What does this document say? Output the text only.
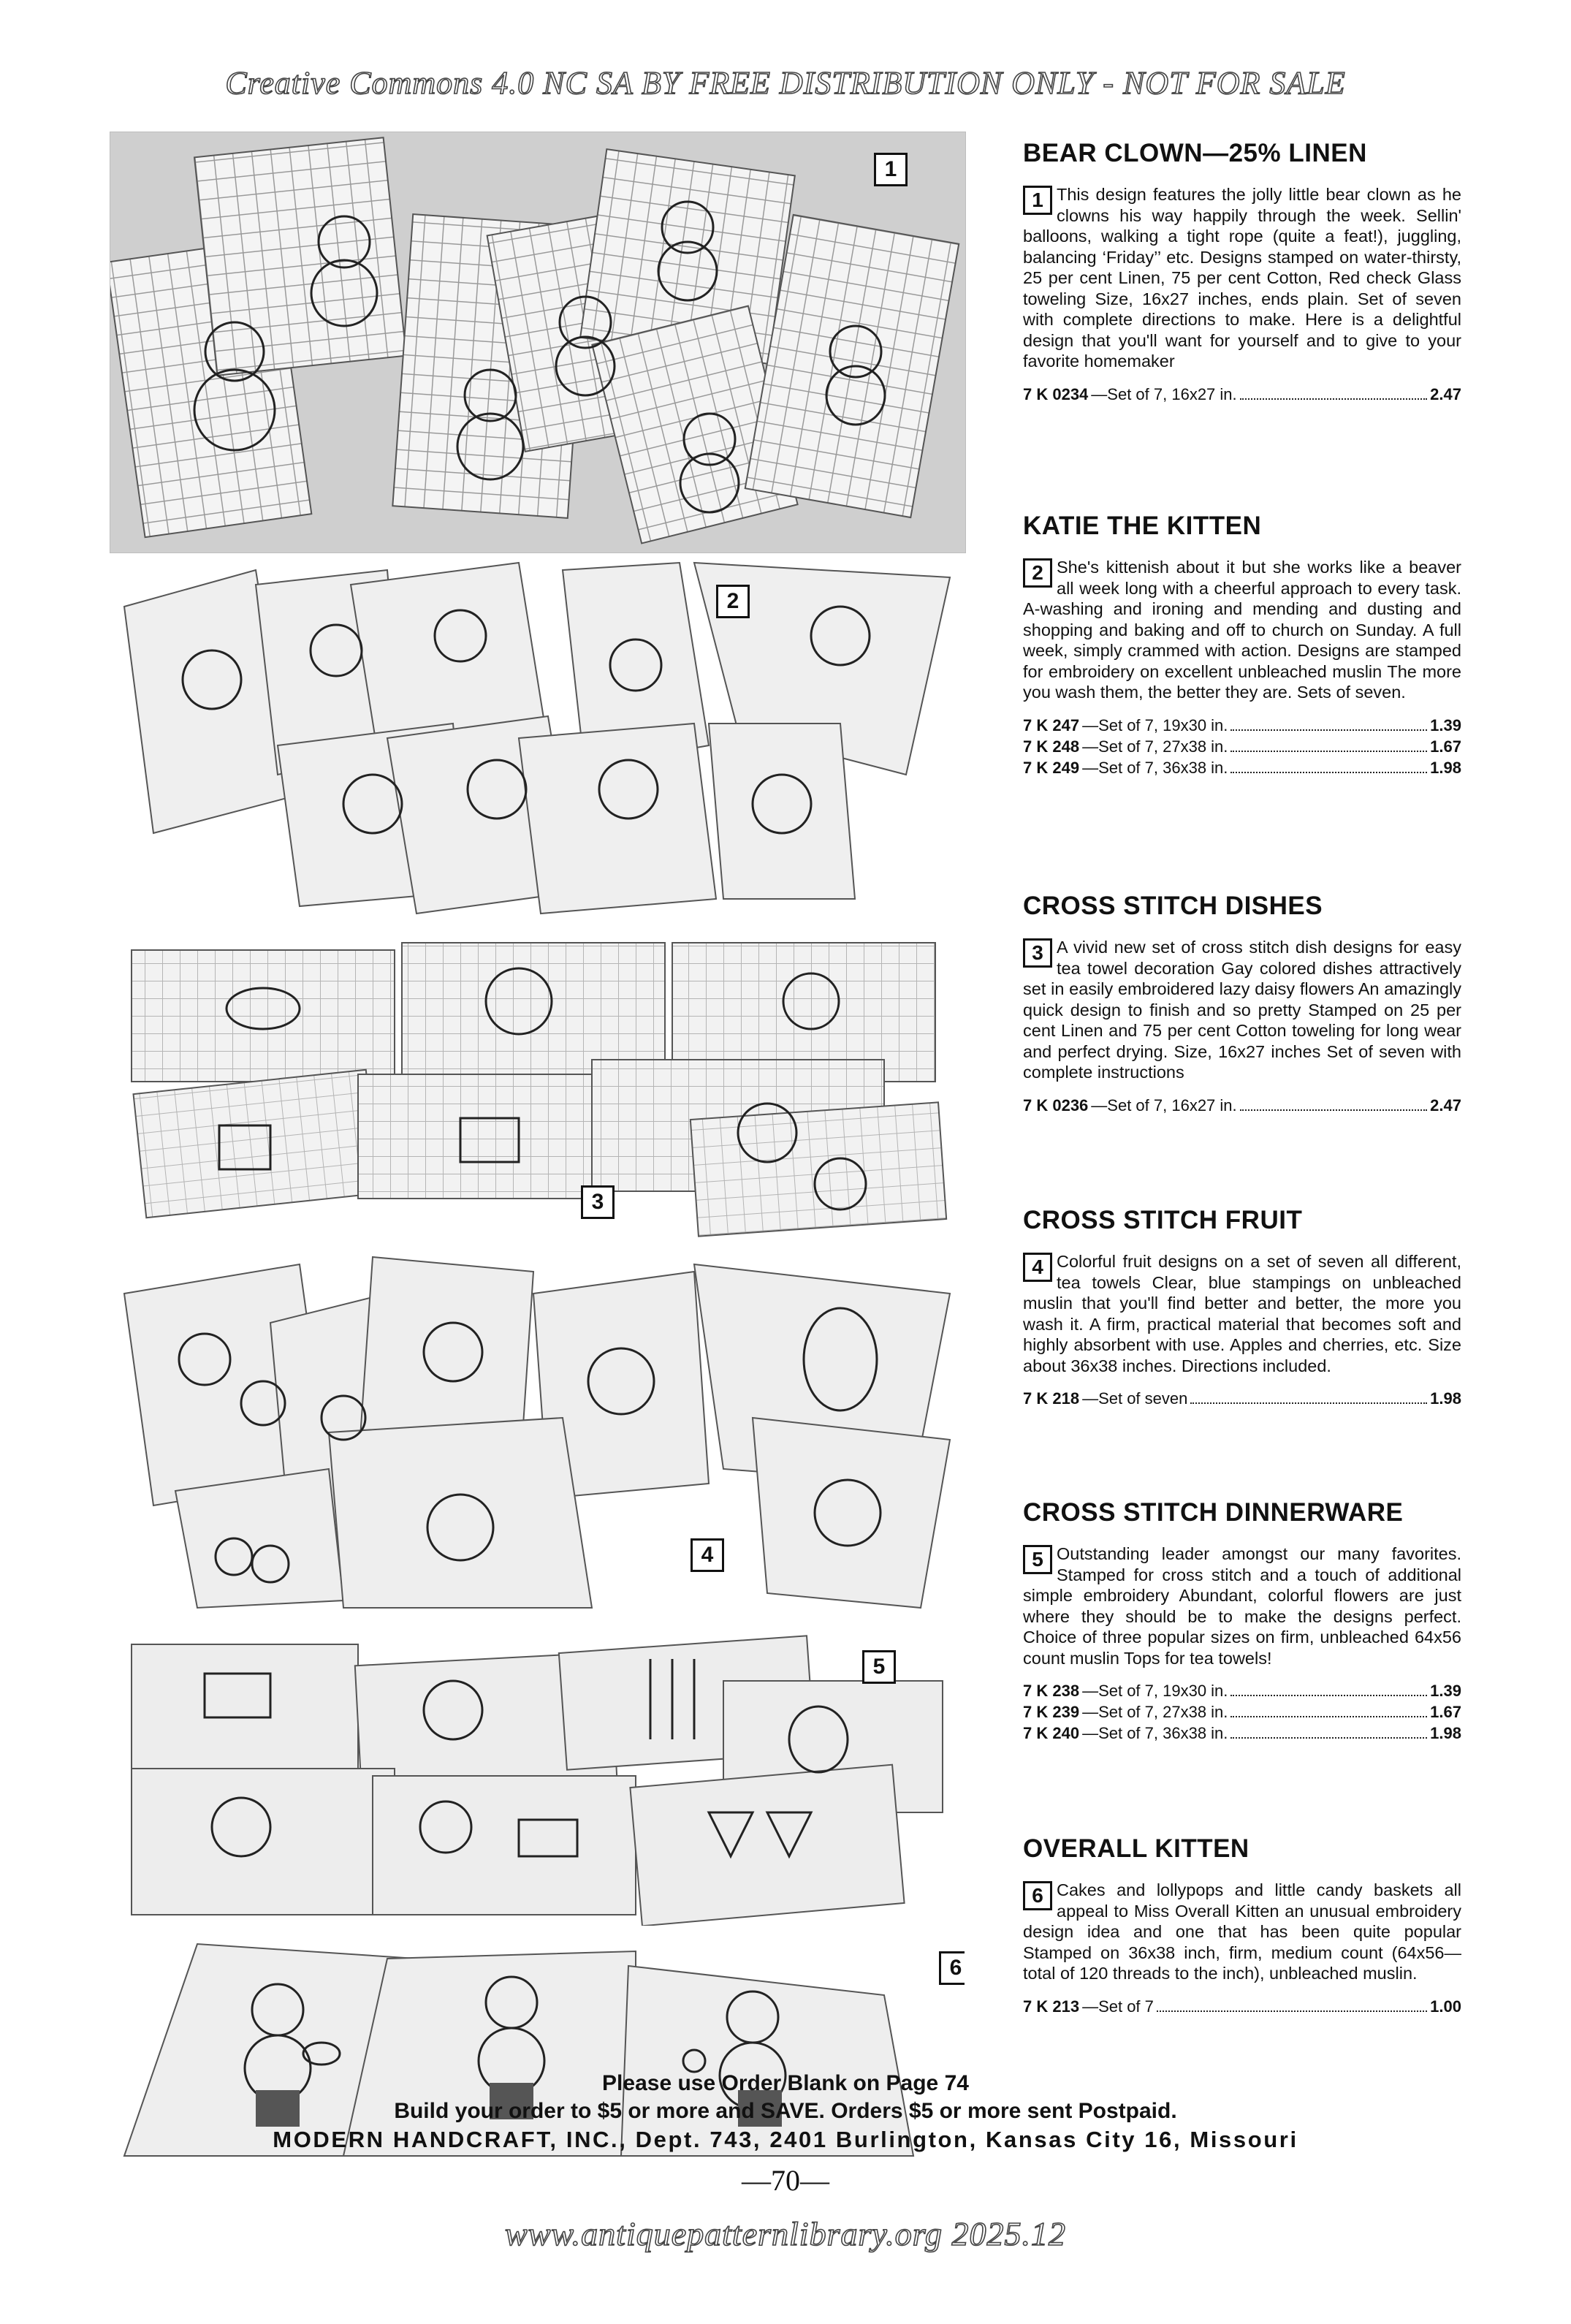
Creative Commons 4.0 NC SA BY FREE DISTRIBUTION ONLY - NOT FOR SALE
1
2
3
4
5
6
BEAR CLOWN—25% LINEN

1 This design features the jolly little bear clown as he clowns his way happily through the week. Sellin' balloons, walking a tight rope (quite a feat!), juggling, balancing ‘Friday’’ etc. Designs stamped on water-thirsty, 25 per cent Linen, 75 per cent Cotton, Red check Glass toweling Size, 16x27 inches, ends plain. Set of seven with complete directions to make. Here is a delightful design that you'll want for yourself and to give to your favorite homemaker

7 K 0234 —Set of 7, 16x27 in.	2.47
KATIE THE KITTEN

2 She's kittenish about it but she works like a beaver all week long with a cheerful approach to every task. A-washing and ironing and mending and dusting and shopping and baking and off to church on Sunday. A full week, simply crammed with action. Designs are stamped for embroidery on excellent unbleached muslin The more you wash them, the better they are. Sets of seven.

7 K 247 —Set of 7, 19x30 in.	1.39
7 K 248 —Set of 7, 27x38 in.	1.67
7 K 249 —Set of 7, 36x38 in.	1.98
CROSS STITCH DISHES

3 A vivid new set of cross stitch dish designs for easy tea towel decoration Gay colored dishes attractively set in easily embroidered lazy daisy flowers An amazingly quick design to finish and so pretty Stamped on 25 per cent Linen and 75 per cent Cotton toweling for long wear and perfect drying. Size, 16x27 inches Set of seven with complete instructions

7 K 0236 —Set of 7, 16x27 in.	2.47
CROSS STITCH FRUIT

4 Colorful fruit designs on a set of seven all different, tea towels Clear, blue stampings on unbleached muslin that you'll find better and better, the more you wash it. A firm, practical material that becomes soft and highly absorbent with use. Apples and cherries, etc. Size about 36x38 inches. Directions included.

7 K 218 —Set of seven	1.98
CROSS STITCH DINNERWARE

5 Outstanding leader amongst our many favorites. Stamped for cross stitch and a touch of additional simple embroidery Abundant, colorful flowers are just where they should be to make the designs perfect. Choice of three popular sizes on firm, unbleached 64x56 count muslin Tops for tea towels!

7 K 238 —Set of 7, 19x30 in.	1.39
7 K 239 —Set of 7, 27x38 in.	1.67
7 K 240 —Set of 7, 36x38 in.	1.98
OVERALL KITTEN

6 Cakes and lollypops and little candy baskets all appeal to Miss Overall Kitten an unusual embroidery design idea and one that has been quite popular Stamped on 36x38 inch, firm, medium count (64x56—total of 120 threads to the inch), unbleached muslin.

7 K 213 —Set of 7	1.00
Please use Order Blank on Page 74
Build your order to $5 or more and SAVE. Orders $5 or more sent Postpaid.
MODERN HANDCRAFT, INC., Dept. 743, 2401 Burlington, Kansas City 16, Missouri
—70—
www.antiquepatternlibrary.org 2025.12
